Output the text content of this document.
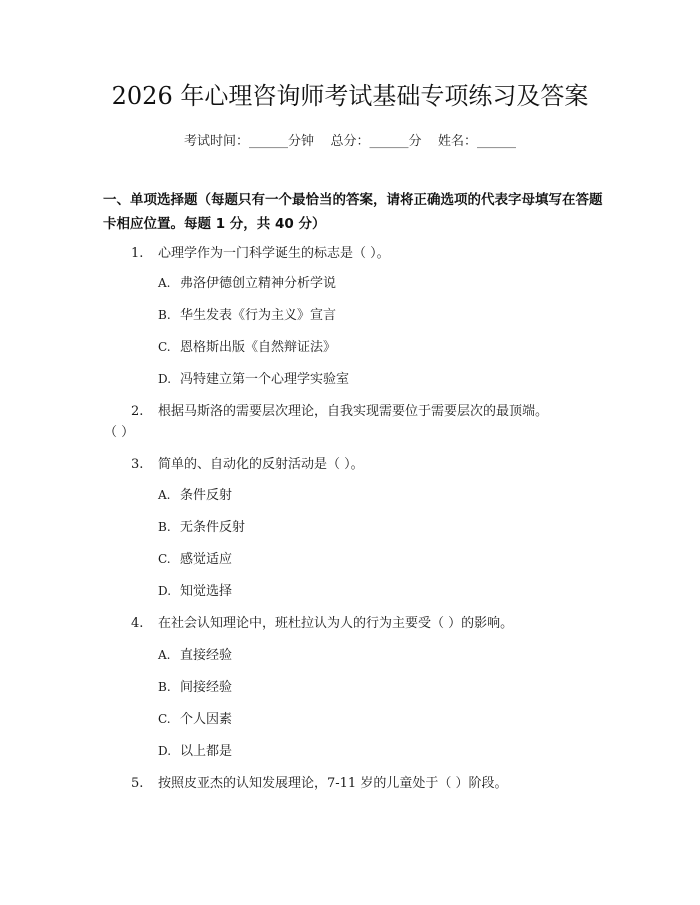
2026 年心理咨询师考试基础专项练习及答案
考试时间：______分钟    总分：______分    姓名：______
一、单项选择题（每题只有一个最恰当的答案，请将正确选项的代表字母填写在答题卡相应位置。每题 1 分，共 40 分）
1. 心理学作为一门科学诞生的标志是（ ）。
A. 弗洛伊德创立精神分析学说
B. 华生发表《行为主义》宣言
C. 恩格斯出版《自然辩证法》
D. 冯特建立第一个心理学实验室
2. 根据马斯洛的需要层次理论，自我实现需要位于需要层次的最顶端。
（ ）
3. 简单的、自动化的反射活动是（ ）。
A. 条件反射
B. 无条件反射
C. 感觉适应
D. 知觉选择
4. 在社会认知理论中，班杜拉认为人的行为主要受（ ）的影响。
A. 直接经验
B. 间接经验
C. 个人因素
D. 以上都是
5. 按照皮亚杰的认知发展理论，7-11 岁的儿童处于（ ）阶段。
